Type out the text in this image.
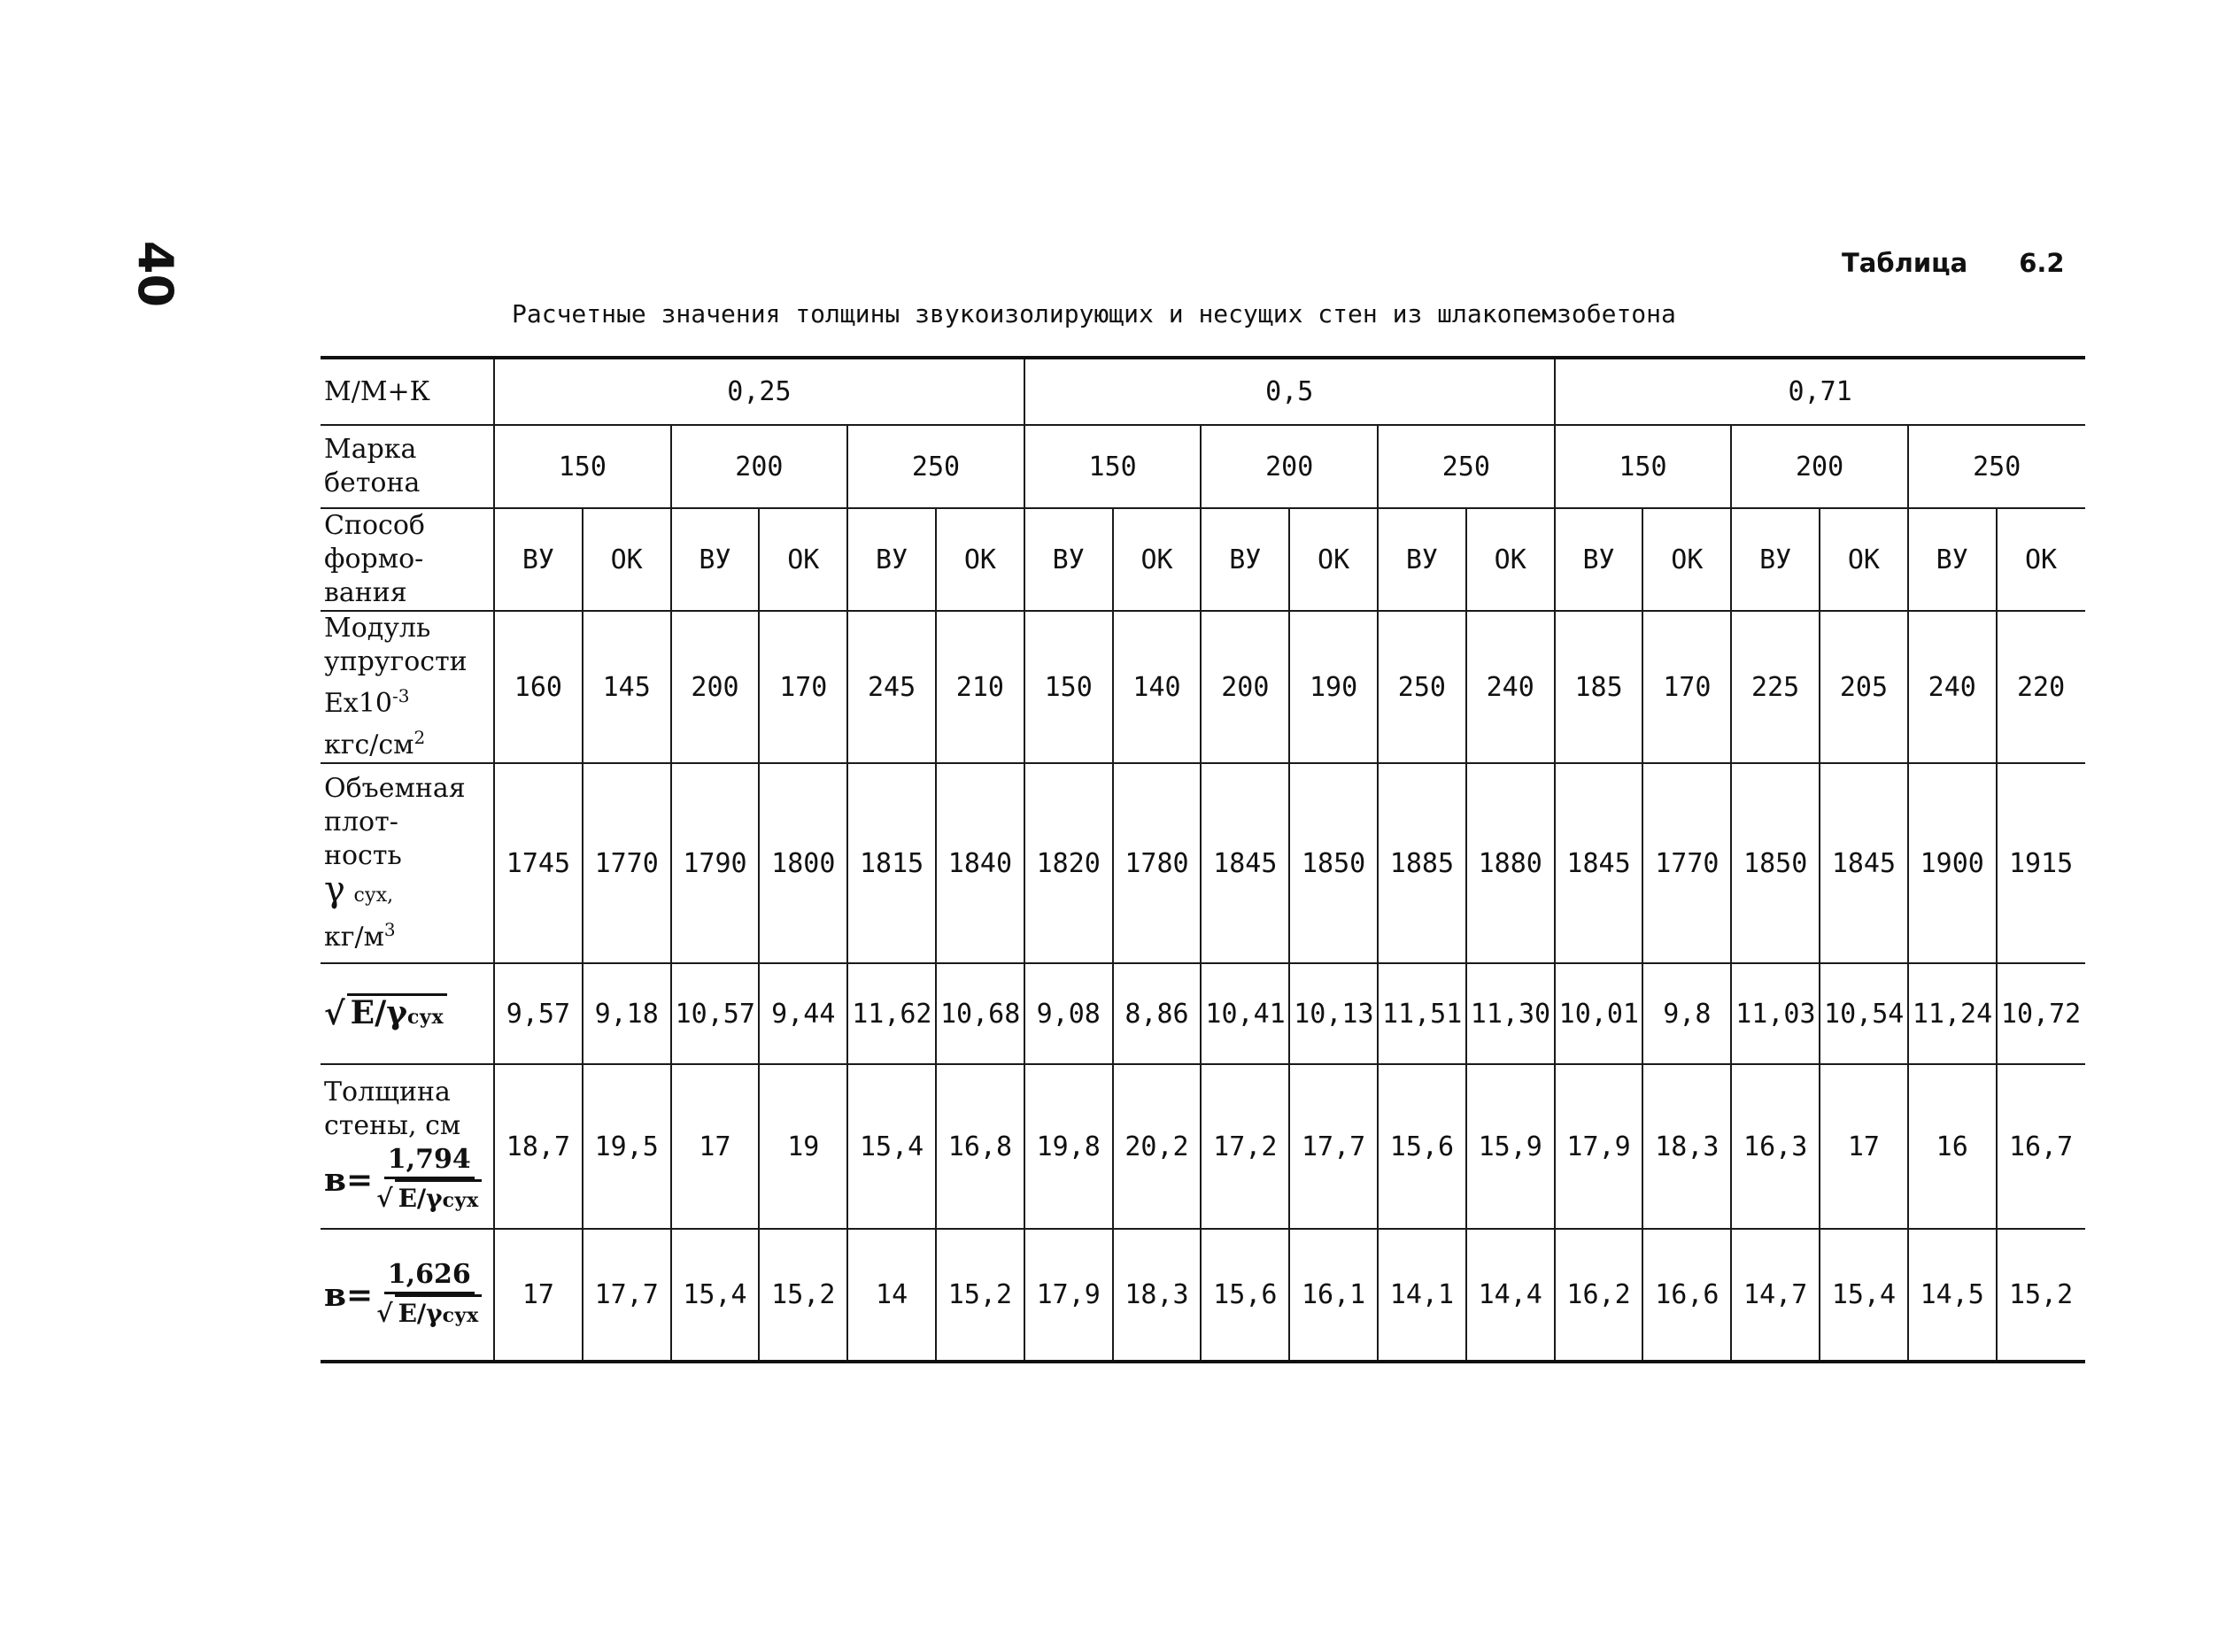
40	Таблица 6.2
Расчетные значения толщины звукоизолирующих и несущих стен из шлакопемзобетона
М/М+К	0,25						0,5						0,71					
Марка бетона	150		200		250		150		200		250		150		200		250	
Способ формо-вания	ВУ	ОК	ВУ	ОК	ВУ	ОК	ВУ	ОК	ВУ	ОК	ВУ	ОК	ВУ	ОК	ВУ	ОК	ВУ	ОК

Модуль
упругости
$Ex10^{-3}$
кгс/$см^2$	160	145	200	170	245	210	150	140	200	190	250	240	185	170	225	205	240	220

Объемная
плот-
ность
γ сух,
$кг/м^3$	1745	1770	1790	1800	1815	1840	1820	1780	1845	1850	1885	1880	1845	1770	1850	1845	1900	1915

√ E/γсух	9,57	9,18	10,57	9,44	11,62	10,68	9,08	8,86	10,41	10,13	11,51	11,30	10,01	9,8	11,03	10,54	11,24	10,72

Толщина
стены, см
$в= \frac{1,794}{\text{√ E/γсух}}$	18,7	19,5	17	19	15,4	16,8	19,8	20,2	17,2	17,7	15,6	15,9	17,9	18,3	16,3	17	16	16,7

$в= \frac{1,626}{\text{√ E/γсух}}$	17	17,7	15,4	15,2	14	15,2	17,9	18,3	15,6	16,1	14,1	14,4	16,2	16,6	14,7	15,4	14,5	15,2
